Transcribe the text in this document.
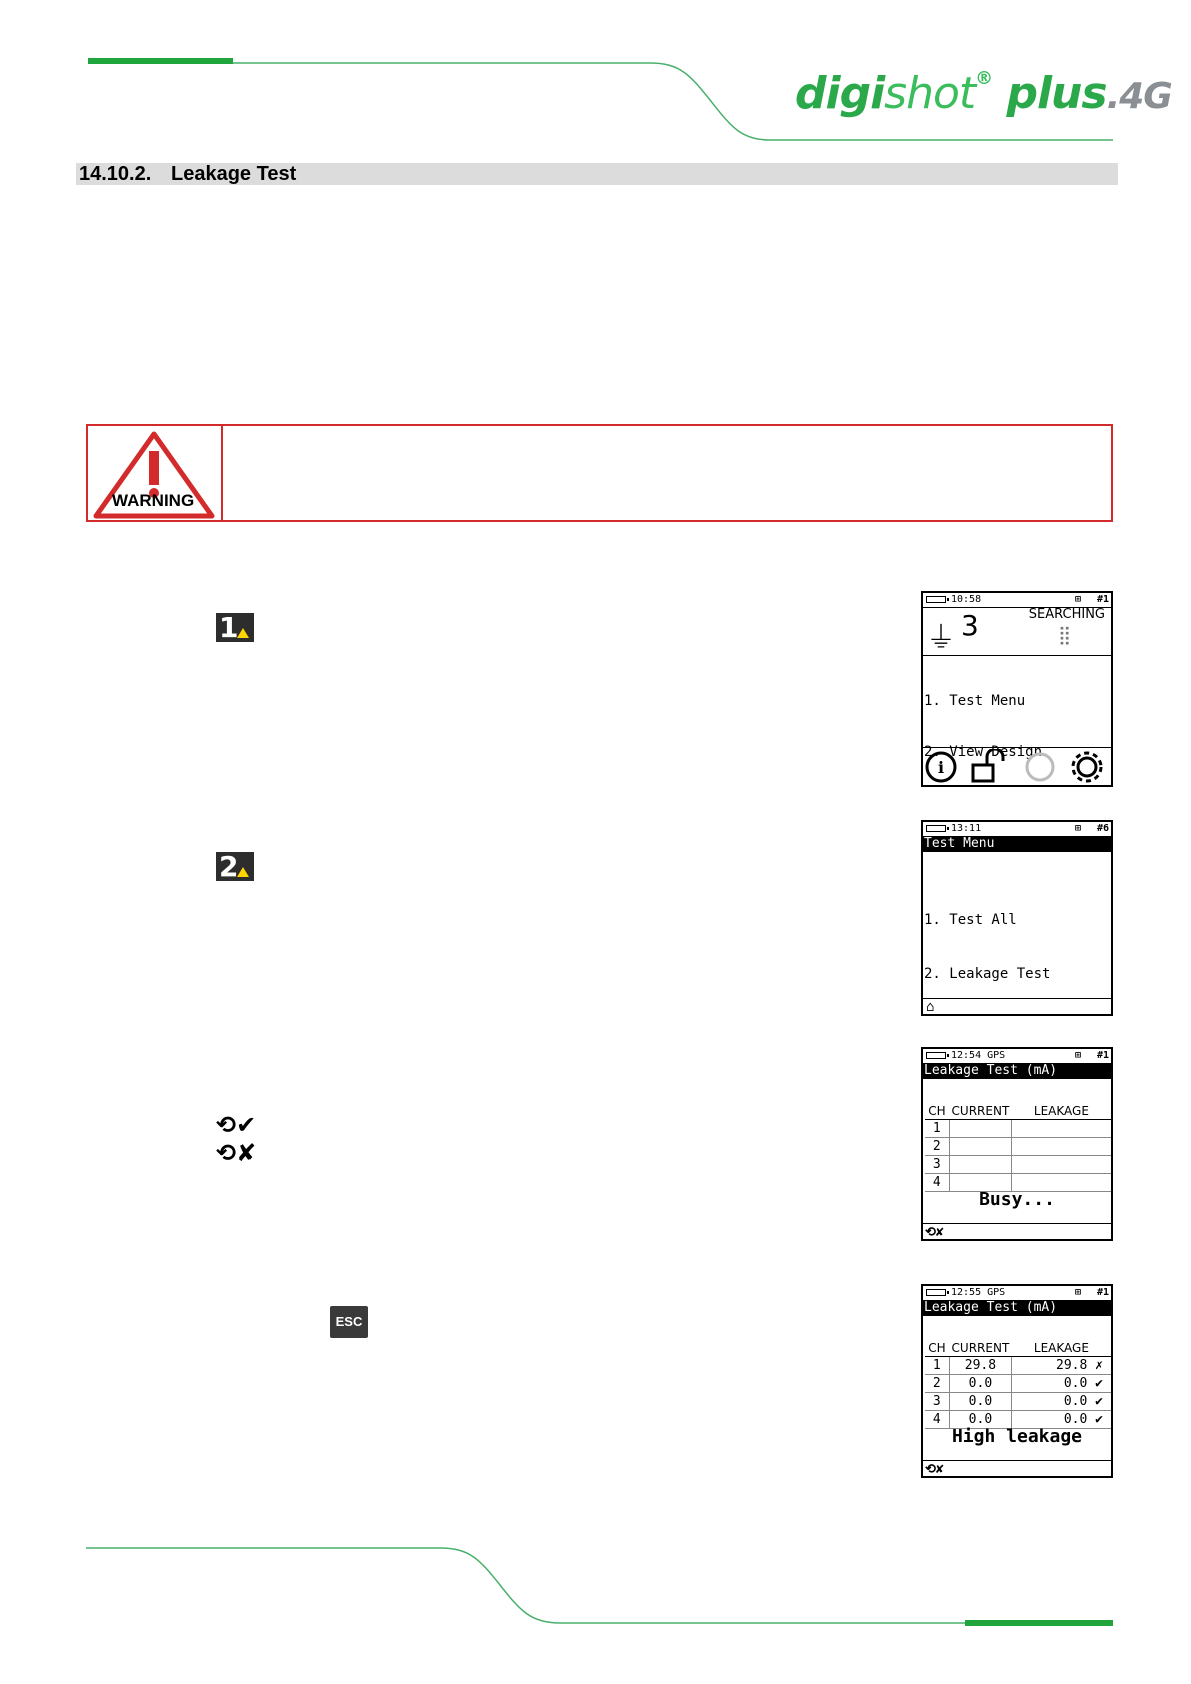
digishot® plus.4G
14.10.2. Leakage Test
WARNING
1
2
⟲✔
⟲✘
ESC
10:58	⊞ #1
⏚ 3	SEARCHING
⣿

1. Test Menu

2. View Design

i
13:11	⊞ #6
Test Menu

1. Test All

2. Leakage Test

⌂
12:54 GPS	⊞ #1
Leakage Test (mA)
CH	CURRENT	LEAKAGE
1		
2		
3		
4		
Busy...
⟲✘
12:55 GPS	⊞ #1
Leakage Test (mA)
CH	CURRENT	LEAKAGE
1	29.8	29.8 ✗
2	0.0	0.0 ✔
3	0.0	0.0 ✔
4	0.0	0.0 ✔
High leakage
⟲✘
